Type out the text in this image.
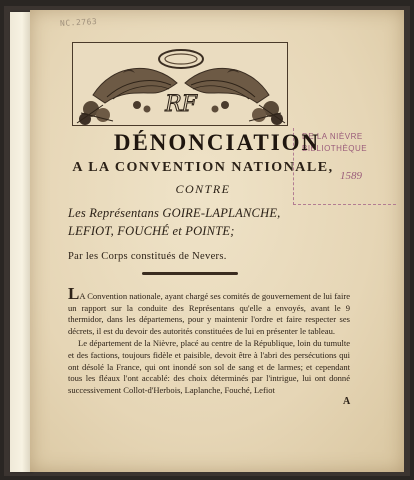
NC.2763
RF
DE LA NIÈVRE
BIBLIOTHÈQUE
1589
DÉNONCIATION
A LA CONVENTION NATIONALE,
CONTRE
Les Représentans GOIRE-LAPLANCHE,
LEFIOT, FOUCHÉ et POINTE;
Par les Corps constitués de Nevers.

LA Convention nationale, ayant chargé ses comités de gouvernement de lui faire un rapport sur la conduite des Représentans qu'elle a envoyés, avant le 9 thermidor, dans les départemens, pour y maintenir l'ordre et faire respecter ses décrets, il est du devoir des autorités constituées de lui en présenter le tableau.

Le département de la Nièvre, placé au centre de la République, loin du tumulte et des factions, toujours fidèle et paisible, devoit être à l'abri des persécutions qui ont désolé la France, qui ont inondé son sol de sang et de larmes; et cependant tous les fléaux l'ont accablé: des choix déterminés par l'intrigue, lui ont donné successivement Collot-d'Herbois, Laplanche, Fouché, Lefiot

A
